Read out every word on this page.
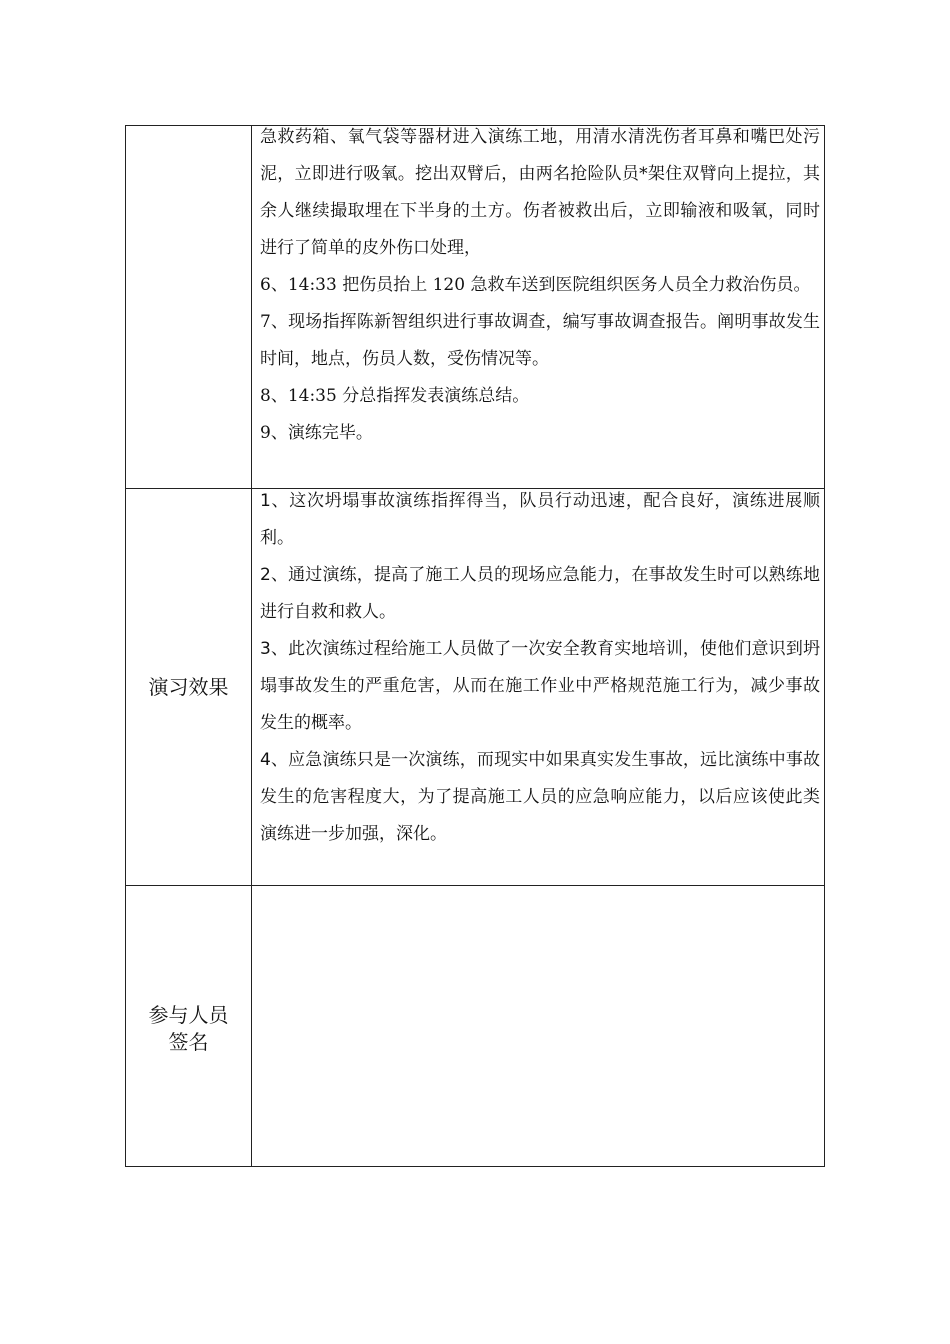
急救药箱、氧气袋等器材进入演练工地，用清水清洗伤者耳鼻和嘴巴处污泥，立即进行吸氧。挖出双臂后，由两名抢险队员*架住双臂向上提拉，其余人继续撮取埋在下半身的土方。伤者被救出后，立即输液和吸氧，同时进行了简单的皮外伤口处理，

6、14:33 把伤员抬上 120 急救车送到医院组织医务人员全力救治伤员。

7、现场指挥陈新智组织进行事故调查，编写事故调查报告。阐明事故发生时间，地点，伤员人数，受伤情况等。

8、14:35 分总指挥发表演练总结。

9、演练完毕。

演习效果

1、这次坍塌事故演练指挥得当，队员行动迅速，配合良好，演练进展顺利。

2、通过演练，提高了施工人员的现场应急能力，在事故发生时可以熟练地进行自救和救人。

3、此次演练过程给施工人员做了一次安全教育实地培训，使他们意识到坍塌事故发生的严重危害，从而在施工作业中严格规范施工行为，减少事故发生的概率。

4、应急演练只是一次演练，而现实中如果真实发生事故，远比演练中事故发生的危害程度大，为了提高施工人员的应急响应能力，以后应该使此类演练进一步加强，深化。

参与人员
签名
